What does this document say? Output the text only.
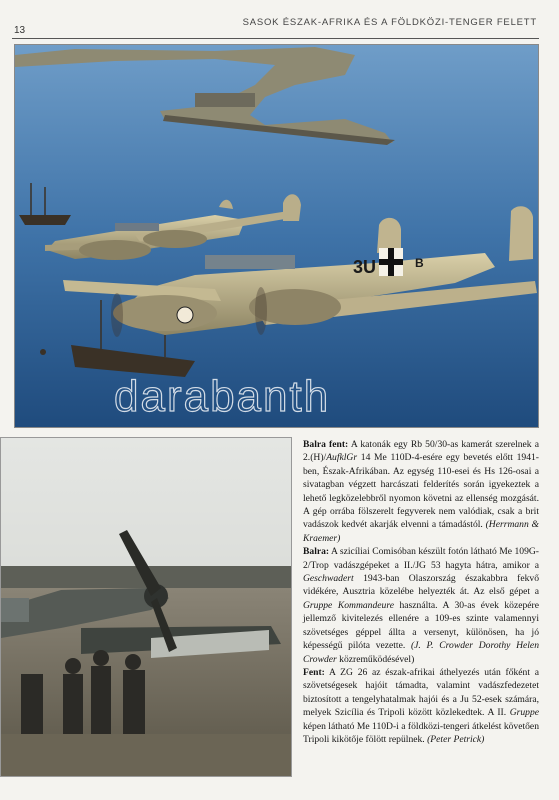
13
SASOK ÉSZAK-AFRIKA ÉS A FÖLDKÖZI-TENGER FELETT
3U	B
darabanth

Balra fent: A katonák egy Rb 50/30-as kamerát szerelnek a 2.(H)/AufklGr 14 Me 110D-4-esére egy bevetés előtt 1941-ben, Észak-Afrikában. Az egység 110-esei és Hs 126-osai a sivatagban végzett harcászati felderítés során igyekeztek a lehető legközelebbről nyomon követni az ellenség mozgását. A gép orrába fölszerelt fegyverek nem valódiak, csak a brit vadászok kedvét akarják elvenni a támadástól. (Herrmann & Kraemer)

Balra: A szicíliai Comisóban készült fotón látható Me 109G-2/Trop vadászgépeket a II./JG 53 hagyta hátra, amikor a Geschwadert 1943-ban Olaszország északabbra fekvő vidékére, Ausztria közelébe helyezték át. Az első gépet a Gruppe Kommandeure használta. A 30-as évek közepére jellemző kivitelezés ellenére a 109-es szinte valamennyi szövetséges géppel állta a versenyt, különösen, ha jó képességű pilóta vezette. (J. P. Crowder Dorothy Helen Crowder közreműködésével)

Fent: A ZG 26 az észak-afrikai áthelyezés után főként a szövetségesek hajóit támadta, valamint vadászfedezetet biztosított a tengelyhatalmak hajói és a Ju 52-esek számára, melyek Szicília és Tripoli között közlekedtek. A II. Gruppe képen látható Me 110D-i a földközi-tengeri átkelést követően Tripoli kikötője fölött repülnek. (Peter Petrick)
